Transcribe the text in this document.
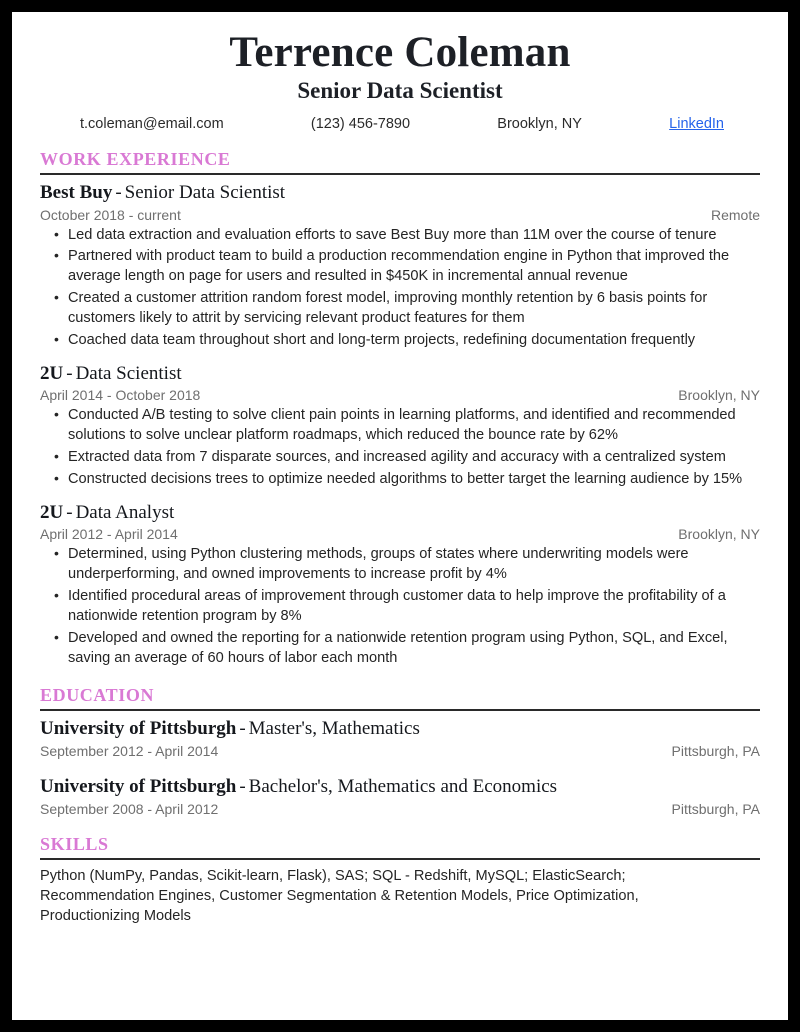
Terrence Coleman
Senior Data Scientist
t.coleman@email.com	(123) 456-7890	Brooklyn, NY	LinkedIn
WORK EXPERIENCE
Best Buy - Senior Data Scientist
October 2018 - current	Remote
• Led data extraction and evaluation efforts to save Best Buy more than 11M over the course of tenure
• Partnered with product team to build a production recommendation engine in Python that improved the average length on page for users and resulted in $450K in incremental annual revenue
• Created a customer attrition random forest model, improving monthly retention by 6 basis points for customers likely to attrit by servicing relevant product features for them
• Coached data team throughout short and long-term projects, redefining documentation frequently
2U - Data Scientist
April 2014 - October 2018	Brooklyn, NY
• Conducted A/B testing to solve client pain points in learning platforms, and identified and recommended solutions to solve unclear platform roadmaps, which reduced the bounce rate by 62%
• Extracted data from 7 disparate sources, and increased agility and accuracy with a centralized system
• Constructed decisions trees to optimize needed algorithms to better target the learning audience by 15%
2U - Data Analyst
April 2012 - April 2014	Brooklyn, NY
• Determined, using Python clustering methods, groups of states where underwriting models were underperforming, and owned improvements to increase profit by 4%
• Identified procedural areas of improvement through customer data to help improve the profitability of a nationwide retention program by 8%
• Developed and owned the reporting for a nationwide retention program using Python, SQL, and Excel, saving an average of 60 hours of labor each month
EDUCATION
University of Pittsburgh - Master's, Mathematics
September 2012 - April 2014	Pittsburgh, PA
University of Pittsburgh - Bachelor's, Mathematics and Economics
September 2008 - April 2012	Pittsburgh, PA
SKILLS

Python (NumPy, Pandas, Scikit-learn, Flask), SAS; SQL - Redshift, MySQL; ElasticSearch; Recommendation Engines, Customer Segmentation & Retention Models, Price Optimization, Productionizing Models
